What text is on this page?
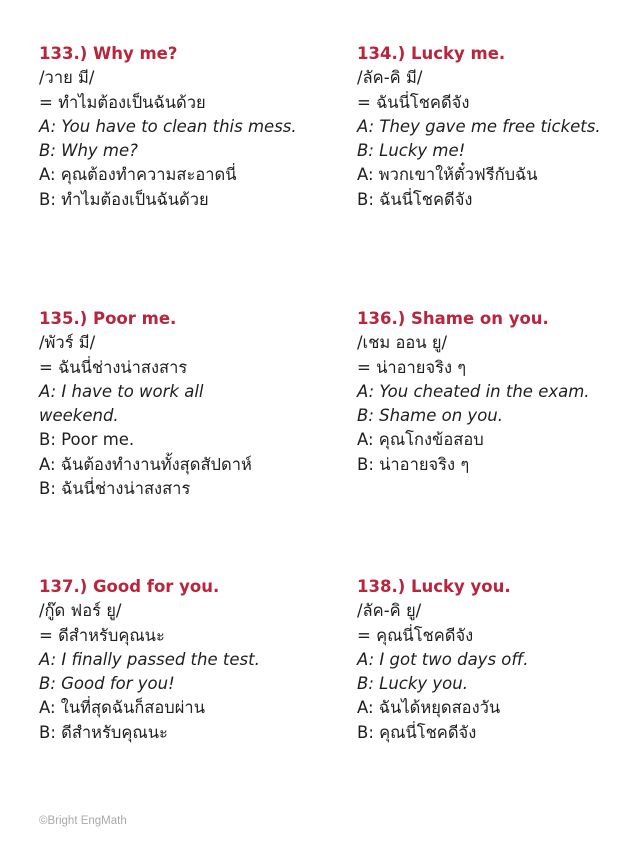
133.) Why me?
/วาย มี/
= ทำไมต้องเป็นฉันด้วย
A: You have to clean this mess.
B: Why me?
A: คุณต้องทำความสะอาดนี่
B: ทำไมต้องเป็นฉันด้วย
134.) Lucky me.
/ลัค-คิ มี/
= ฉันนี่โชคดีจัง
A: They gave me free tickets.
B: Lucky me!
A: พวกเขาให้ตั๋วฟรีกับฉัน
B: ฉันนี่โชคดีจัง
135.) Poor me.
/พัวร์ มี/
= ฉันนี่ช่างน่าสงสาร
A: I have to work all
weekend.
B: Poor me.
A: ฉันต้องทำงานทั้งสุดสัปดาห์
B: ฉันนี่ช่างน่าสงสาร
136.) Shame on you.
/เชม ออน ยู/
= น่าอายจริง ๆ
A: You cheated in the exam.
B: Shame on you.
A: คุณโกงข้อสอบ
B: น่าอายจริง ๆ
137.) Good for you.
/กู๊ด ฟอร์ ยู/
= ดีสำหรับคุณนะ
A: I finally passed the test.
B: Good for you!
A: ในที่สุดฉันก็สอบผ่าน
B: ดีสำหรับคุณนะ
138.) Lucky you.
/ลัค-คิ ยู/
= คุณนี่โชคดีจัง
A: I got two days off.
B: Lucky you.
A: ฉันได้หยุดสองวัน
B: คุณนี่โชคดีจัง
©Bright EngMath
